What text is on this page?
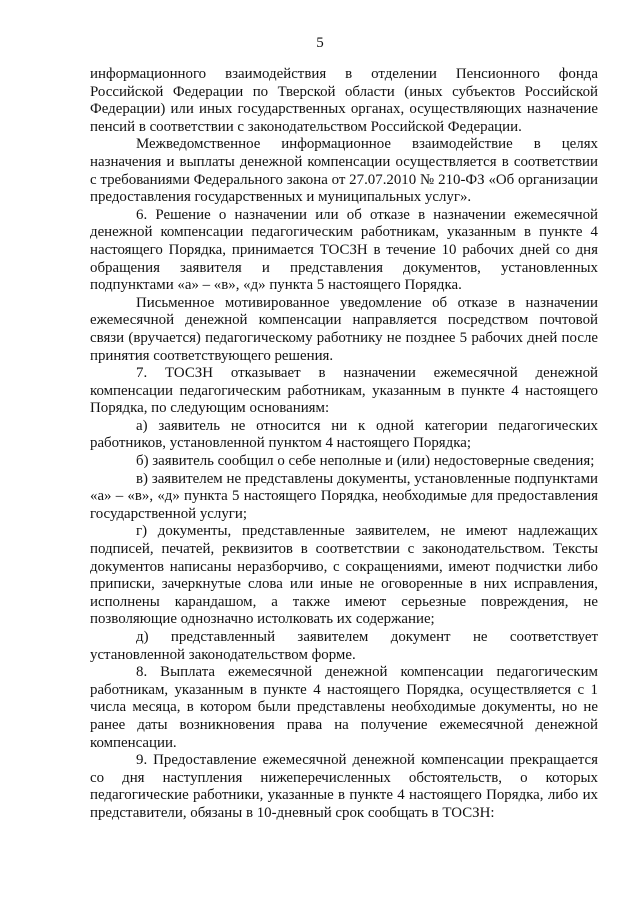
5

информационного взаимодействия в отделении Пенсионного фонда Российской Федерации по Тверской области (иных субъектов Российской Федерации) или иных государственных органах, осуществляющих назначение пенсий в соответствии с законодательством Российской Федерации.

Межведомственное информационное взаимодействие в целях назначения и выплаты денежной компенсации осуществляется в соответствии с требованиями Федерального закона от 27.07.2010 № 210-ФЗ «Об организации предоставления государственных и муниципальных услуг».

6. Решение о назначении или об отказе в назначении ежемесячной денежной компенсации педагогическим работникам, указанным в пункте 4 настоящего Порядка, принимается ТОСЗН в течение 10 рабочих дней со дня обращения заявителя и представления документов, установленных подпунктами «а» – «в», «д» пункта 5 настоящего Порядка.

Письменное мотивированное уведомление об отказе в назначении ежемесячной денежной компенсации направляется посредством почтовой связи (вручается) педагогическому работнику не позднее 5 рабочих дней после принятия соответствующего решения.

7. ТОСЗН отказывает в назначении ежемесячной денежной компенсации педагогическим работникам, указанным в пункте 4 настоящего Порядка, по следующим основаниям:

а) заявитель не относится ни к одной категории педагогических работников, установленной пунктом 4 настоящего Порядка;

б) заявитель сообщил о себе неполные и (или) недостоверные сведения;

в) заявителем не представлены документы, установленные подпунктами «а» – «в», «д» пункта 5 настоящего Порядка, необходимые для предоставления государственной услуги;

г) документы, представленные заявителем, не имеют надлежащих подписей, печатей, реквизитов в соответствии с законодательством. Тексты документов написаны неразборчиво, с сокращениями, имеют подчистки либо приписки, зачеркнутые слова или иные не оговоренные в них исправления, исполнены карандашом, а также имеют серьезные повреждения, не позволяющие однозначно истолковать их содержание;

д) представленный заявителем документ не соответствует установленной законодательством форме.

8. Выплата ежемесячной денежной компенсации педагогическим работникам, указанным в пункте 4 настоящего Порядка, осуществляется с 1 числа месяца, в котором были представлены необходимые документы, но не ранее даты возникновения права на получение ежемесячной денежной компенсации.

9. Предоставление ежемесячной денежной компенсации прекращается со дня наступления нижеперечисленных обстоятельств, о которых педагогические работники, указанные в пункте 4 настоящего Порядка, либо их представители, обязаны в 10-дневный срок сообщать в ТОСЗН:
